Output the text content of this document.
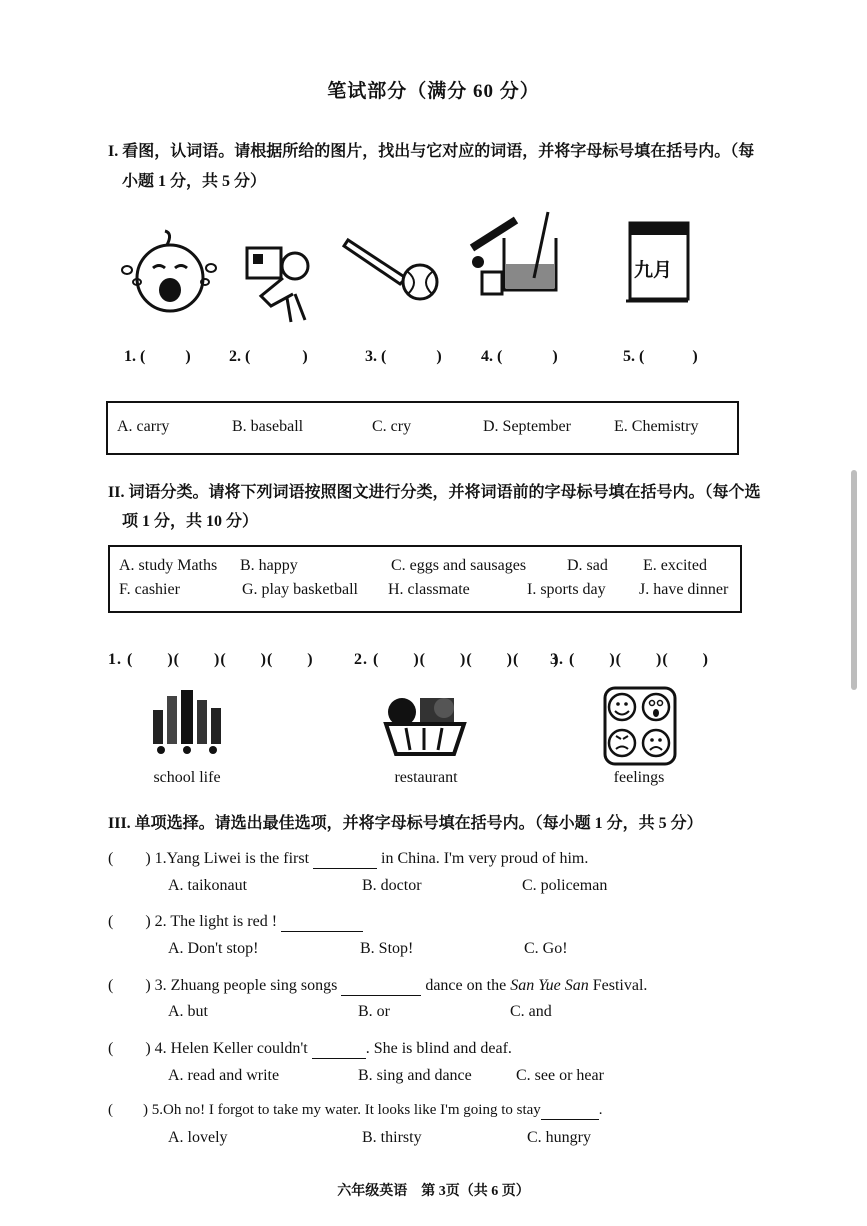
笔试部分（满分 60 分）
I. 看图，认词语。请根据所给的图片，找出与它对应的词语，并将字母标号填在括号内。（每
小题 1 分，共 5 分）
九月
1. (	) 2. (	)	3. (	) 4. (	)	5. (	)
A. carry	B. baseball	C. cry	D. September	E. Chemistry
II. 词语分类。请将下列词语按照图文进行分类，并将词语前的字母标号填在括号内。（每个选
项 1 分，共 10 分）
A. study Maths B. happy	C. eggs and sausages	D. sad E. excited
F. cashier	G. play basketball H. classmate	I. sports day J. have dinner
1. (　　)(　　)(　　)(　　)	2. (　　)(　　)(　　)(　　)
3. (　　)(　　)(　　)
school life	restaurant	feelings
III. 单项选择。请选出最佳选项，并将字母标号填在括号内。（每小题 1 分，共 5 分）
(　　) 1.Yang Liwei is the first	in China. I'm very proud of him.
A. taikonaut	B. doctor	C. policeman
(　　) 2. The light is red !
A. Don't stop!	B. Stop!	C. Go!
(　　) 3. Zhuang people sing songs	dance on the San Yue San Festival.
A. but	B. or	C. and
(　　) 4. Helen Keller couldn't	. She is blind and deaf.
A. read and write	B. sing and dance	C. see or hear
(　　) 5.Oh no! I forgot to take my water. It looks like I'm going to stay	.
A. lovely	B. thirsty	C. hungry
六年级英语　第 3页（共 6 页）
